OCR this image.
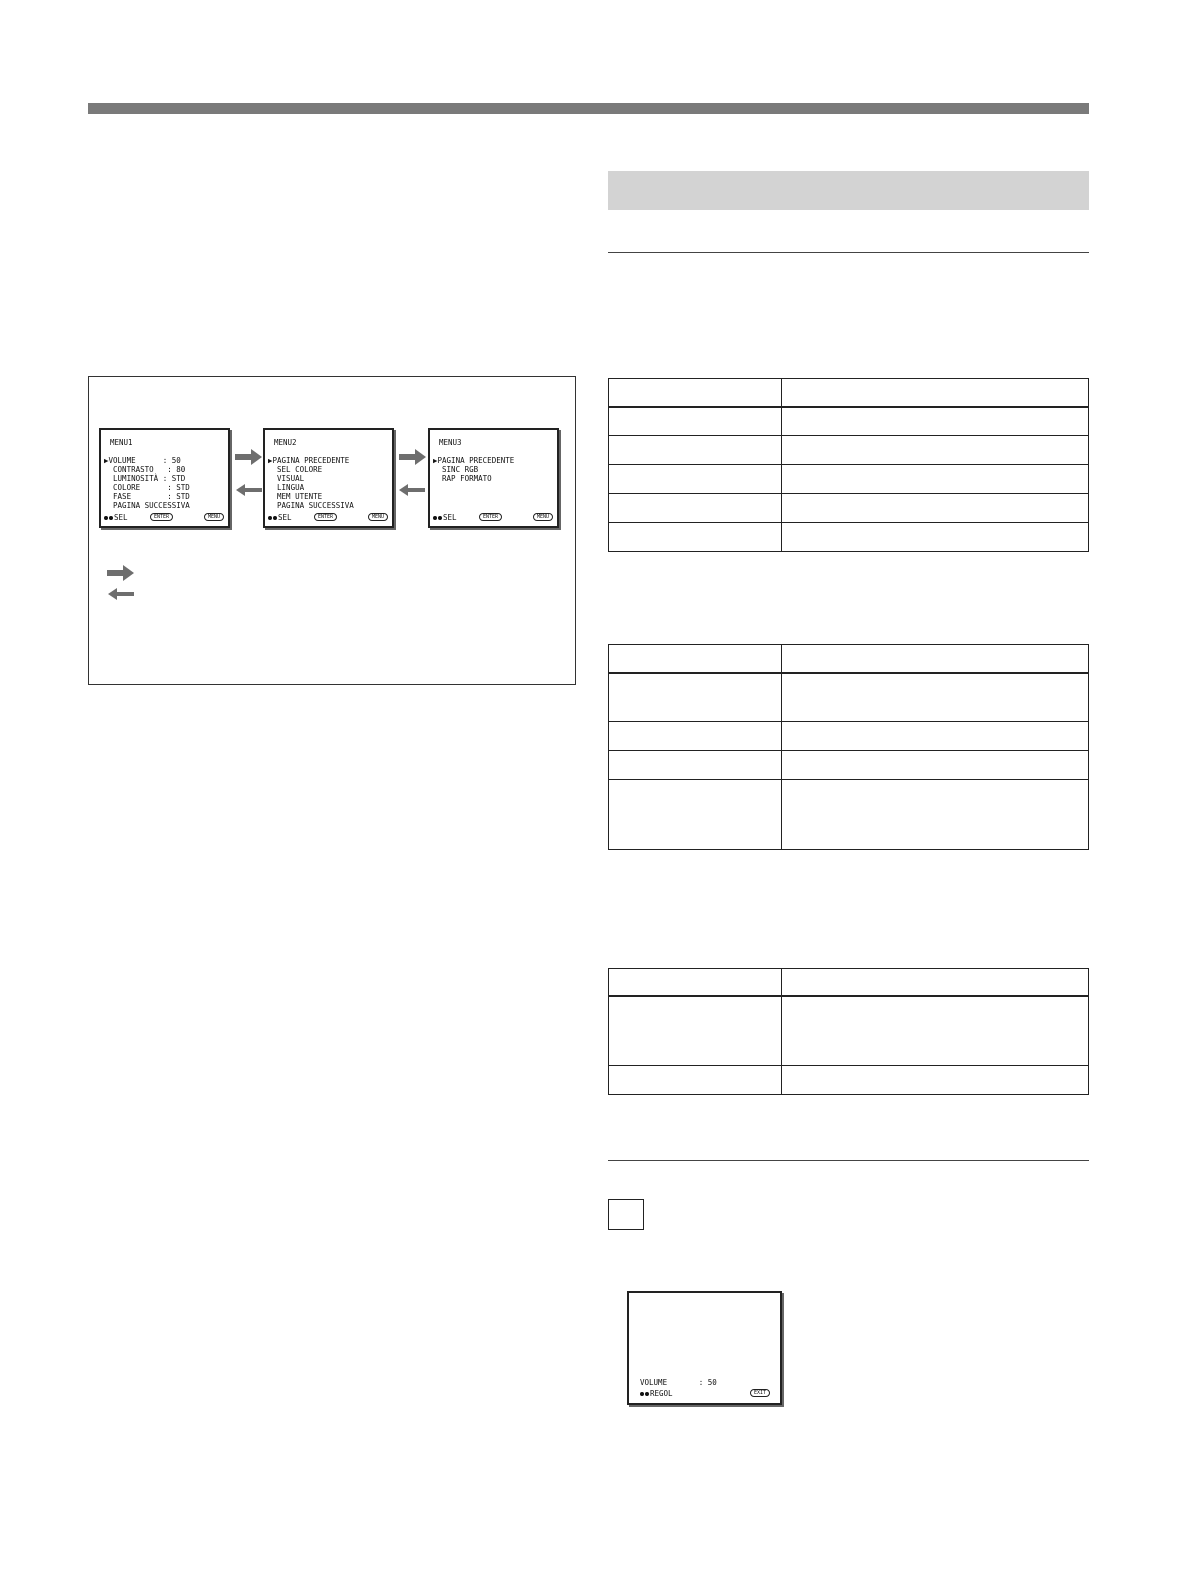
MENU1
▶VOLUME      : 50
CONTRASTO   : 80
LUMINOSITÀ : STD
COLORE      : STD
FASE        : STD
PAGINA SUCCESSIVA
SEL	ENTER	MENU
MENU2
▶PAGINA PRECEDENTE
SEL COLORE
VISUAL
LINGUA
MEM UTENTE
PAGINA SUCCESSIVA
SEL	ENTER	MENU
MENU3
▶PAGINA PRECEDENTE
SINC RGB
RAP FORMATO
SEL	ENTER	MENU

VOLUME       : 50
REGOL	EXIT
